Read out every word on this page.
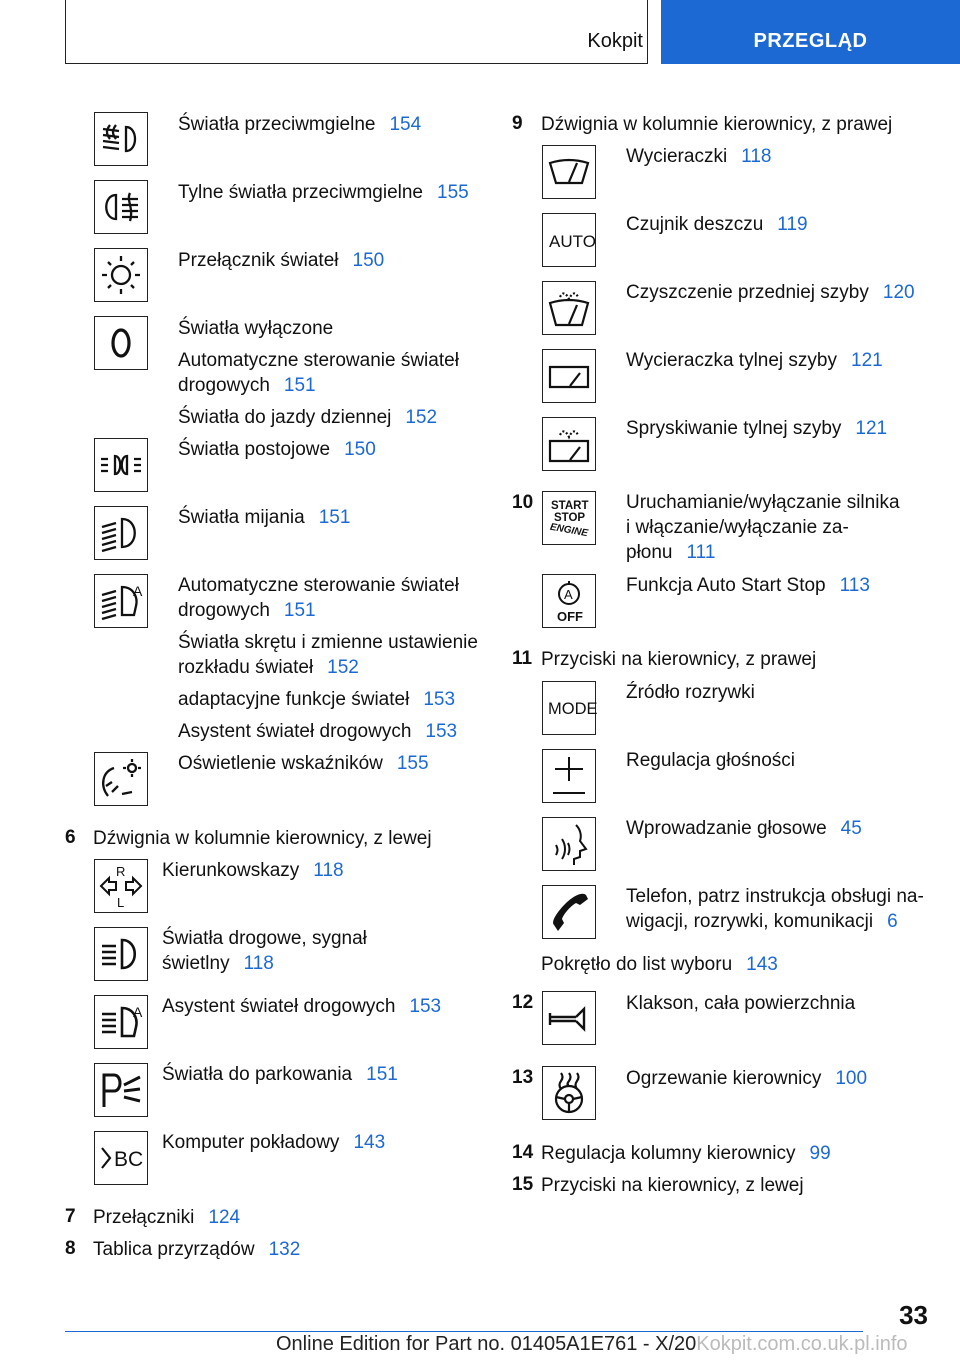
Kokpit	PRZEGLĄD
A
Światła przeciwmgielne 154
Tylne światła przeciwmgielne 155
Przełącznik świateł 150
Światła wyłączone
Automatyczne sterowanie świateł
drogowych 151
Światła do jazdy dziennej 152
Światła postojowe 150
Światła mijania 151
Automatyczne sterowanie świateł
drogowych 151
Światła skrętu i zmienne ustawienie
rozkładu świateł 152
adaptacyjne funkcje świateł 153
Asystent świateł drogowych 153
Oświetlenie wskaźników 155
6 Dźwignia w kolumnie kierownicy, z lewej
R
L
A
BC
Kierunkowskazy 118
Światła drogowe, sygnał
świetlny 118
Asystent świateł drogowych 153
Światła do parkowania 151
Komputer pokładowy 143
7 Przełączniki 124
8 Tablica przyrządów 132
9 Dźwignia w kolumnie kierownicy, z prawej
AUTO
Wycieraczki 118
Czujnik deszczu 119
Czyszczenie przedniej szyby 120
Wycieraczka tylnej szyby 121
Spryskiwanie tylnej szyby 121
10 START
STOP
ENGINE
A
OFF
Uruchamianie/wyłączanie silnika
i włączanie/wyłączanie za-
płonu 111
Funkcja Auto Start Stop 113
11 Przyciski na kierownicy, z prawej
MODE
Źródło rozrywki
Regulacja głośności
Wprowadzanie głosowe 45
Telefon, patrz instrukcja obsługi na-
wigacji, rozrywki, komunikacji 6
Pokrętło do list wyboru 143
12	Klakson, cała powierzchnia
13	Ogrzewanie kierownicy 100
14 Regulacja kolumny kierownicy 99
15 Przyciski na kierownicy, z lewej
33
Online Edition for Part no. 01405A1E761 - X/20Kokpit.com.co.uk.pl.info
